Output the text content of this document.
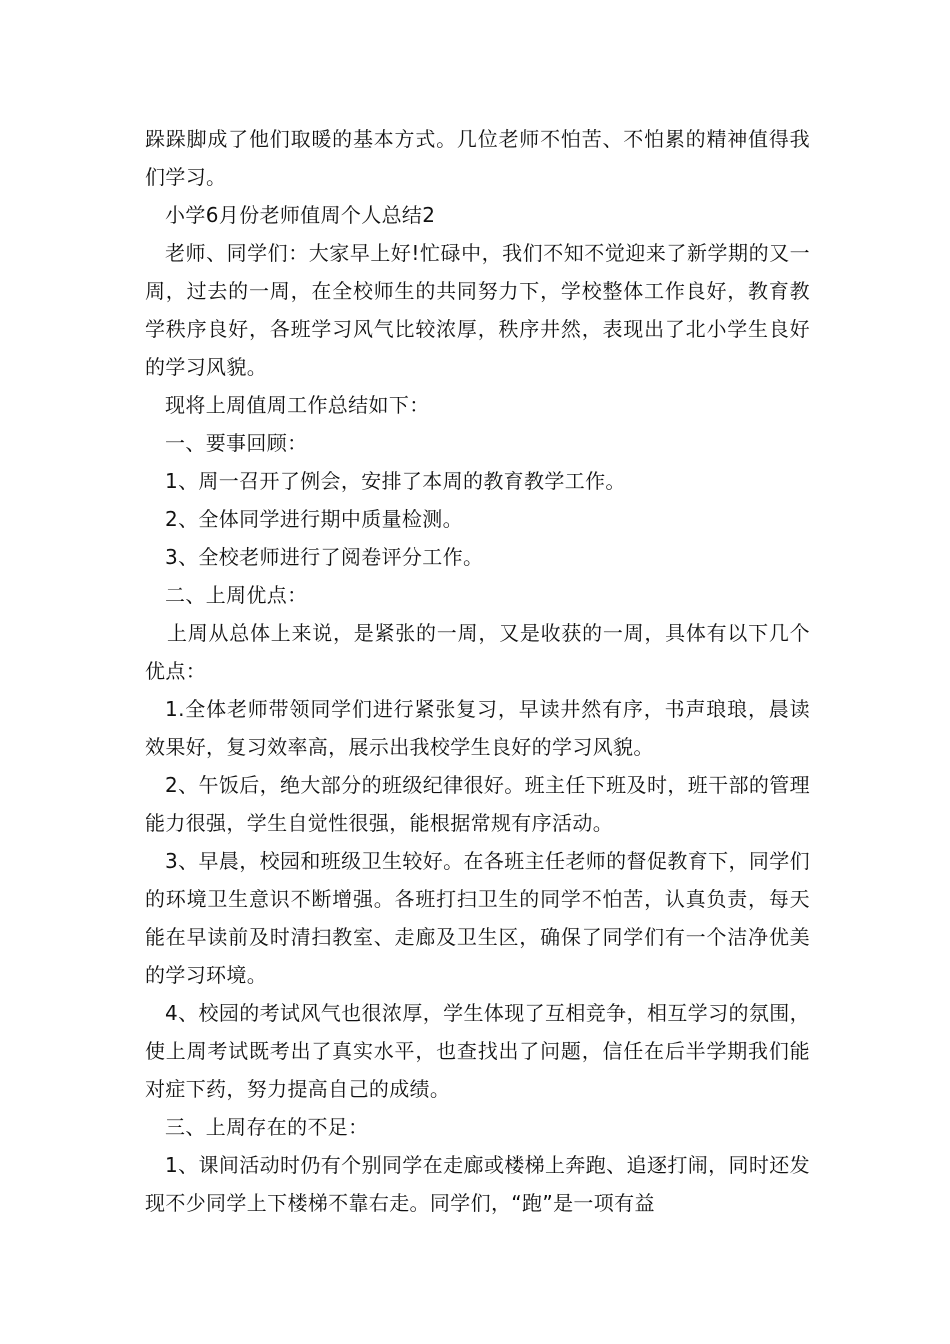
跺跺脚成了他们取暖的基本方式。几位老师不怕苦、不怕累的精神值得我们学习。

小学6月份老师值周个人总结2

老师、同学们：大家早上好!忙碌中，我们不知不觉迎来了新学期的又一周，过去的一周，在全校师生的共同努力下，学校整体工作良好，教育教学秩序良好，各班学习风气比较浓厚，秩序井然，表现出了北小学生良好的学习风貌。

现将上周值周工作总结如下：

一、要事回顾：

1、周一召开了例会，安排了本周的教育教学工作。

2、全体同学进行期中质量检测。

3、全校老师进行了阅卷评分工作。

二、上周优点：

上周从总体上来说，是紧张的一周，又是收获的一周，具体有以下几个优点：

1.全体老师带领同学们进行紧张复习，早读井然有序，书声琅琅，晨读效果好，复习效率高，展示出我校学生良好的学习风貌。

2、午饭后，绝大部分的班级纪律很好。班主任下班及时，班干部的管理能力很强，学生自觉性很强，能根据常规有序活动。

3、早晨，校园和班级卫生较好。在各班主任老师的督促教育下，同学们的环境卫生意识不断增强。各班打扫卫生的同学不怕苦，认真负责，每天能在早读前及时清扫教室、走廊及卫生区，确保了同学们有一个洁净优美的学习环境。

4、校园的考试风气也很浓厚，学生体现了互相竞争，相互学习的氛围，使上周考试既考出了真实水平，也查找出了问题，信任在后半学期我们能对症下药，努力提高自己的成绩。

三、上周存在的不足：

1、课间活动时仍有个别同学在走廊或楼梯上奔跑、追逐打闹，同时还发现不少同学上下楼梯不靠右走。同学们，“跑”是一项有益
